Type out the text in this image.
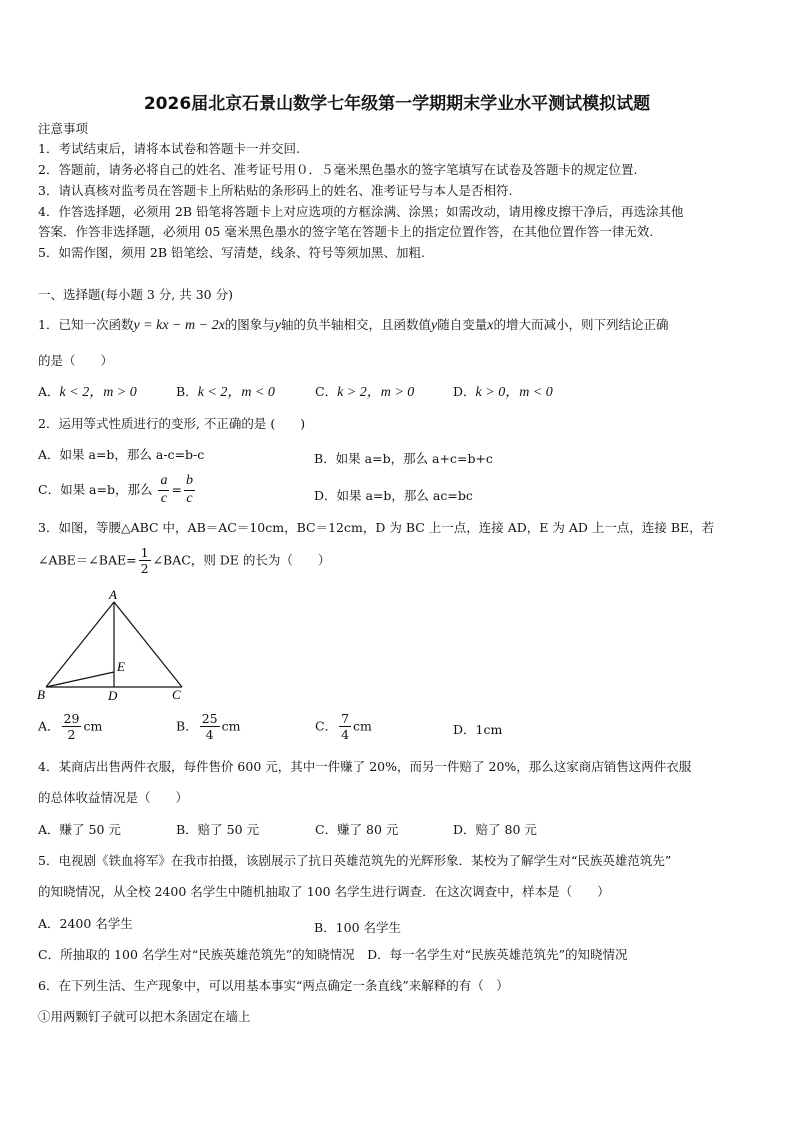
2026届北京石景山数学七年级第一学期期末学业水平测试模拟试题
注意事项
1．考试结束后，请将本试卷和答题卡一并交回.
2．答题前，请务必将自己的姓名、准考证号用０．５毫米黑色墨水的签字笔填写在试卷及答题卡的规定位置.
3．请认真核对监考员在答题卡上所粘贴的条形码上的姓名、准考证号与本人是否相符.
4．作答选择题，必须用 2B 铅笔将答题卡上对应选项的方框涂满、涂黑；如需改动，请用橡皮擦干净后，再选涂其他
答案．作答非选择题，必须用 05 毫米黑色墨水的签字笔在答题卡上的指定位置作答，在其他位置作答一律无效.
5．如需作图，须用 2B 铅笔绘、写清楚，线条、符号等须加黑、加粗.
一、选择题(每小题 3 分, 共 30 分)
1．已知一次函数y = kx − m − 2x的图象与y轴的负半轴相交，且函数值y随自变量x的增大而减小，则下列结论正确
的是（　　）
A．k < 2，m > 0	B．k < 2，m < 0	C．k > 2，m > 0	D．k > 0，m < 0
2．运用等式性质进行的变形, 不正确的是 (　　)
A．如果 a=b，那么 a-c=b-c	B．如果 a=b，那么 a+c=b+c
C．如果 a=b，那么 $\frac{a}{c} = \frac{b}{c}$	D．如果 a=b，那么 ac=bc
3．如图，等腰△ABC 中，AB＝AC＝10cm，BC＝12cm，D 为 BC 上一点，连接 AD，E 为 AD 上一点，连接 BE，若
∠ABE＝∠BAE= $\frac{1}{2}$ ∠BAC，则 DE 的长为（　　）
A
E
B	D	C
A． $\frac{29}{2}$ cm	B． $\frac{25}{4}$ cm	C． $\frac{7}{4}$ cm	D．1cm
4．某商店出售两件衣服，每件售价 600 元，其中一件赚了 20%，而另一件赔了 20%，那么这家商店销售这两件衣服
的总体收益情况是（　　）
A．赚了 50 元	B．赔了 50 元	C．赚了 80 元	D．赔了 80 元
5．电视剧《铁血将军》在我市拍摄，该剧展示了抗日英雄范筑先的光辉形象．某校为了解学生对“民族英雄范筑先”
的知晓情况，从全校 2400 名学生中随机抽取了 100 名学生进行调查．在这次调查中，样本是（　　）
A．2400 名学生	B．100 名学生
C．所抽取的 100 名学生对“民族英雄范筑先”的知晓情况　D．每一名学生对“民族英雄范筑先”的知晓情况
6．在下列生活、生产现象中，可以用基本事实“两点确定一条直线”来解释的有（　）
①用两颗钉子就可以把木条固定在墙上
